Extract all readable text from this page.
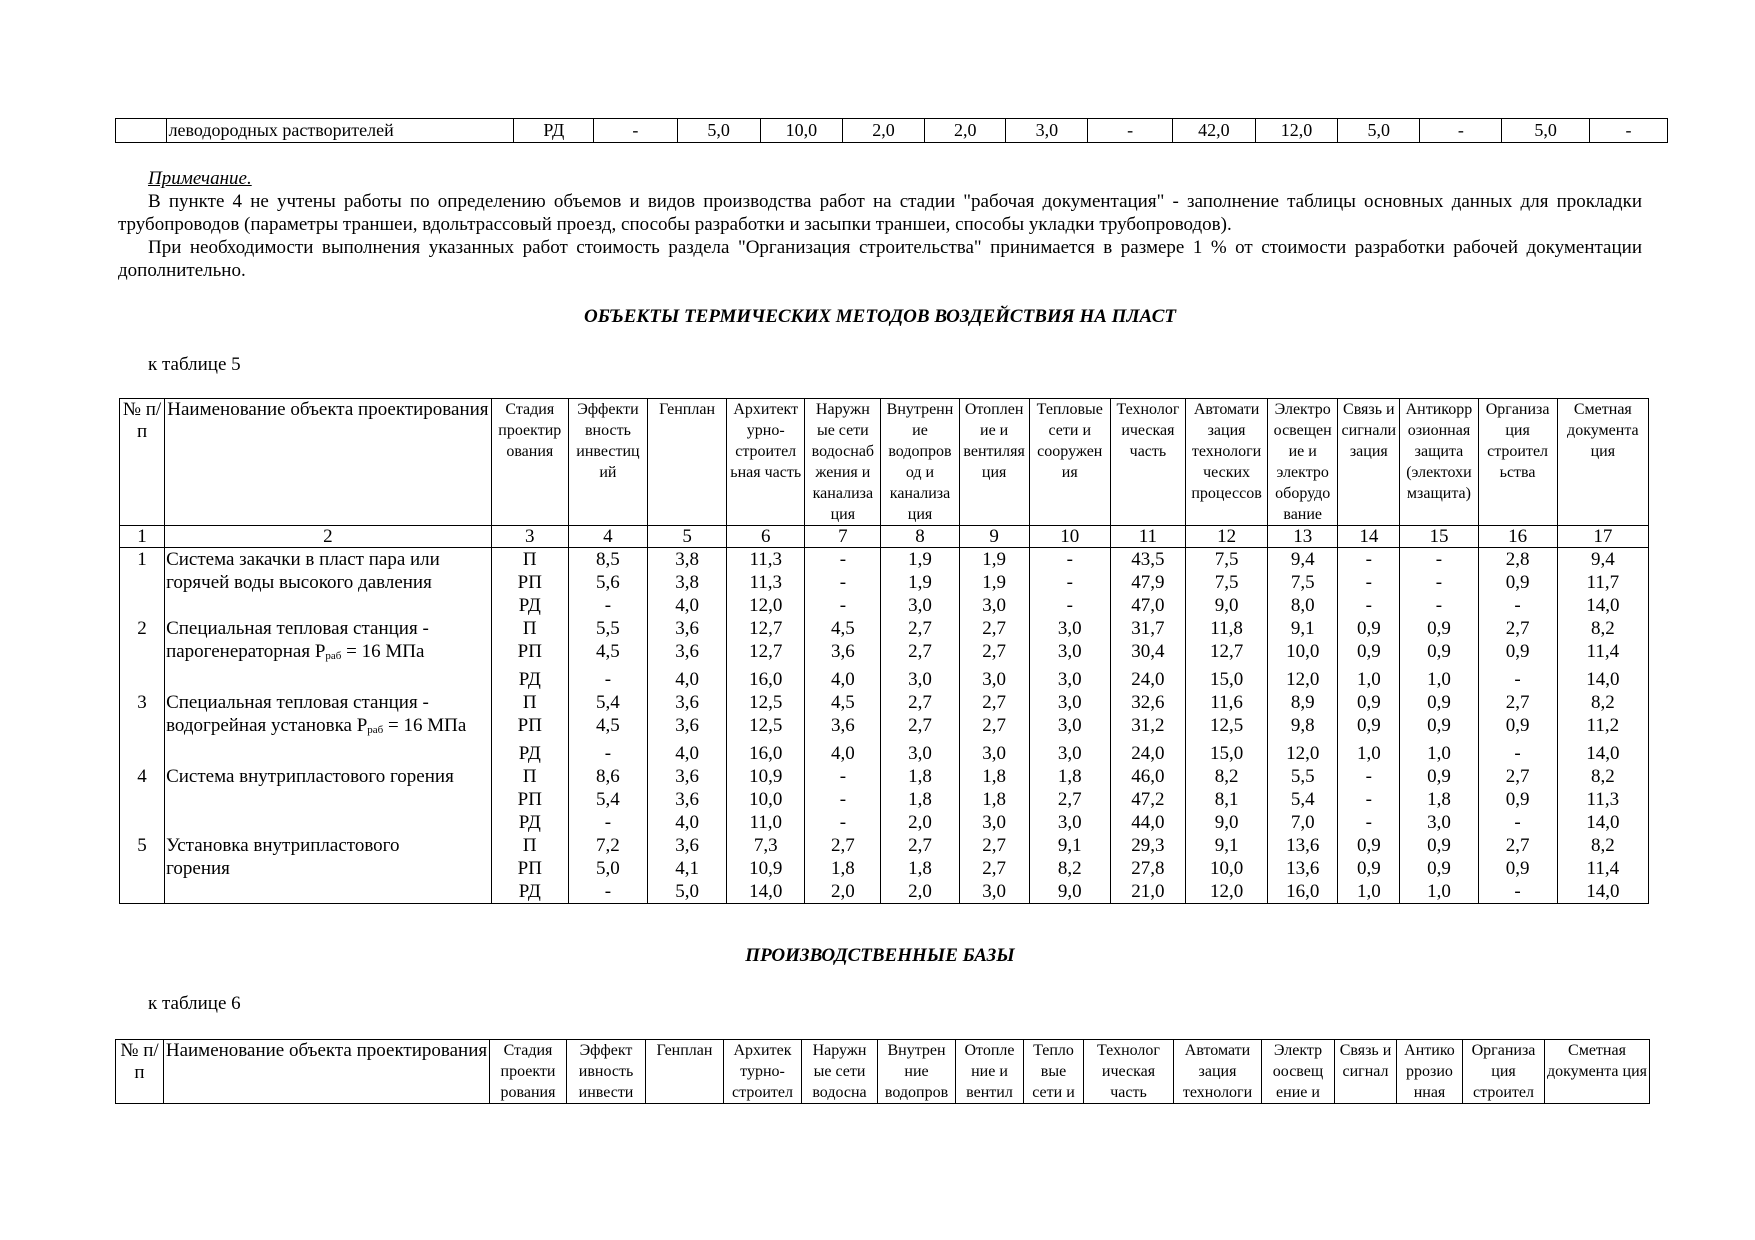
	леводородных растворителей	РД	-	5,0	10,0	2,0	2,0	3,0	-	42,0	12,0	5,0	-	5,0	-
Примечание.
В пункте 4 не учтены работы по определению объемов и видов производства работ на стадии "рабочая документация" - заполнение таблицы основных данных для прокладки трубопроводов (параметры траншеи, вдольтрассовый проезд, способы разработки и засыпки траншеи, способы укладки трубопроводов).
При необходимости выполнения указанных работ стоимость раздела "Организация строительства" принимается в размере 1 % от стоимости разработки рабочей документации дополнительно.
ОБЪЕКТЫ ТЕРМИЧЕСКИХ МЕТОДОВ ВОЗДЕЙСТВИЯ НА ПЛАСТ
к таблице 5
№ п/п	Наименование объекта проектирования	Стадия проектир ования	Эффекти вность инвестиц ий	Генплан	Архитект урно-строител ьная часть	Наружн ые сети водоснаб жения и канализа ция	Внутренн ие водопров од и канализа ция	Отоплен ие и вентиляя ция	Тепловые сети и сооружен ия	Технолог ическая часть	Автомати зация технологи ческих процессов	Электро освещен ие и электро оборудо вание	Связь и сигнали зация	Антикорр озионная защита (электохи мзащита)	Организа ция строител ьства	Сметная документа ция
1	2	3	4	5	6	7	8	9	10	11	12	13	14	15	16	17
1	Система закачки в пласт пара или	П	8,5	3,8	11,3	-	1,9	1,9	-	43,5	7,5	9,4	-	-	2,8	9,4
	горячей воды высокого давления	РП	5,6	3,8	11,3	-	1,9	1,9	-	47,9	7,5	7,5	-	-	0,9	11,7
		РД	-	4,0	12,0	-	3,0	3,0	-	47,0	9,0	8,0	-	-	-	14,0
2	Специальная тепловая станция -	П	5,5	3,6	12,7	4,5	2,7	2,7	3,0	31,7	11,8	9,1	0,9	0,9	2,7	8,2
	парогенераторная $Р_{раб} = 16$ МПа	РП	4,5	3,6	12,7	3,6	2,7	2,7	3,0	30,4	12,7	10,0	0,9	0,9	0,9	11,4
		РД	-	4,0	16,0	4,0	3,0	3,0	3,0	24,0	15,0	12,0	1,0	1,0	-	14,0
3	Специальная тепловая станция -	П	5,4	3,6	12,5	4,5	2,7	2,7	3,0	32,6	11,6	8,9	0,9	0,9	2,7	8,2
	водогрейная установка $Р_{раб} = 16$ МПа	РП	4,5	3,6	12,5	3,6	2,7	2,7	3,0	31,2	12,5	9,8	0,9	0,9	0,9	11,2
		РД	-	4,0	16,0	4,0	3,0	3,0	3,0	24,0	15,0	12,0	1,0	1,0	-	14,0
4	Система внутрипластового горения	П	8,6	3,6	10,9	-	1,8	1,8	1,8	46,0	8,2	5,5	-	0,9	2,7	8,2
		РП	5,4	3,6	10,0	-	1,8	1,8	2,7	47,2	8,1	5,4	-	1,8	0,9	11,3
		РД	-	4,0	11,0	-	2,0	3,0	3,0	44,0	9,0	7,0	-	3,0	-	14,0
5	Установка внутрипластового	П	7,2	3,6	7,3	2,7	2,7	2,7	9,1	29,3	9,1	13,6	0,9	0,9	2,7	8,2
	горения	РП	5,0	4,1	10,9	1,8	1,8	2,7	8,2	27,8	10,0	13,6	0,9	0,9	0,9	11,4
		РД	-	5,0	14,0	2,0	2,0	3,0	9,0	21,0	12,0	16,0	1,0	1,0	-	14,0
ПРОИЗВОДСТВЕННЫЕ БАЗЫ
к таблице 6
№ п/п	Наименование объекта проектирования	Стадия проекти рования	Эффект ивность инвести	Генплан	Архитек турно-строител	Наружн ые сети водосна	Внутрен ние водопров	Отопле ние и вентил	Тепло вые сети и	Технолог ическая часть	Автомати зация технологи	Электр оосвещ ение и	Связь и сигнал	Антико ррозио нная	Организа ция строител	Сметная документа ция
